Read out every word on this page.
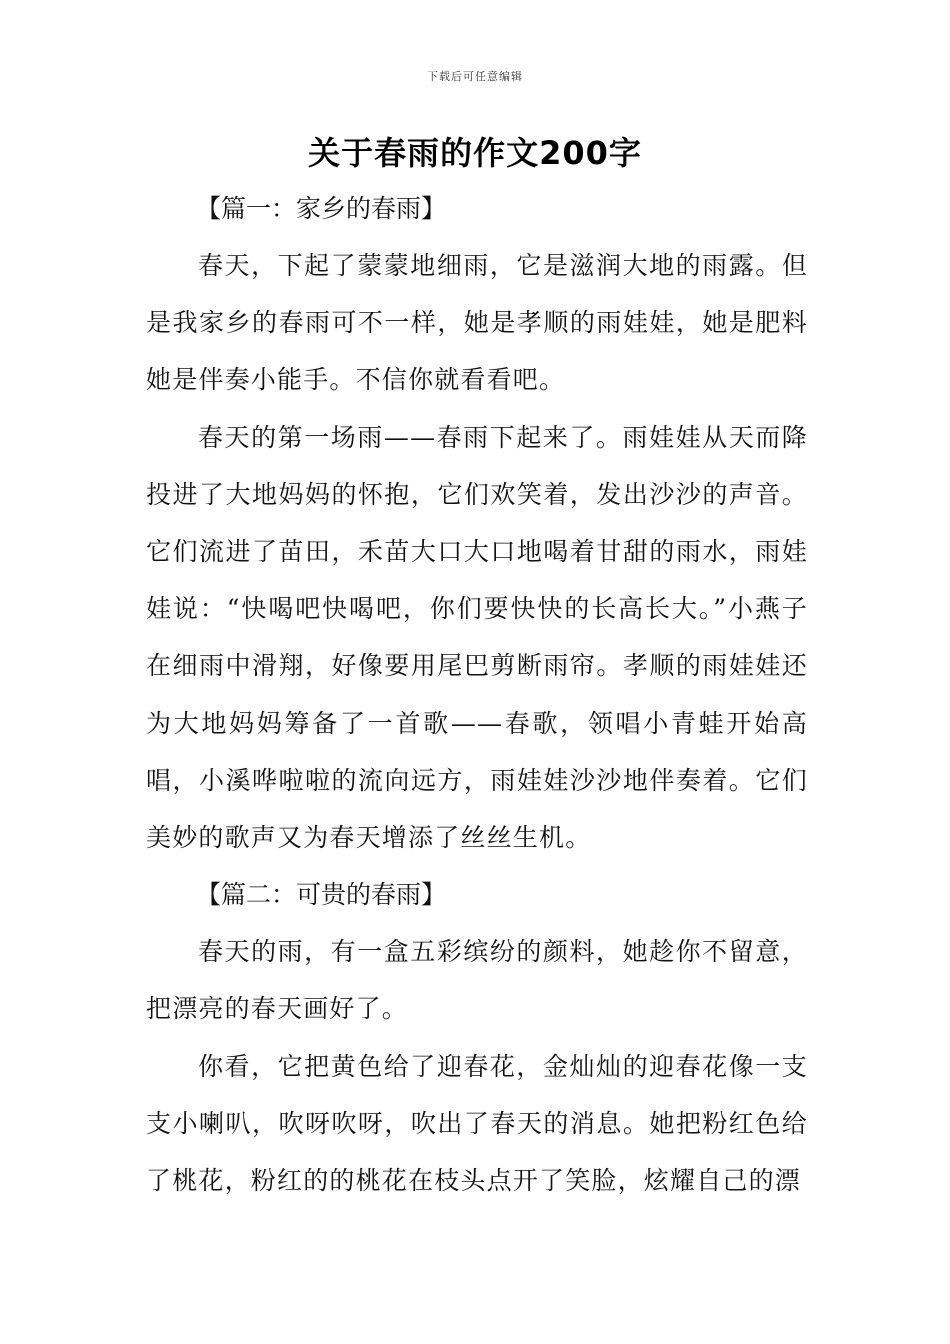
下载后可任意编辑
关于春雨的作文200字

【篇一：家乡的春雨】

春天，下起了蒙蒙地细雨，它是滋润大地的雨露。但是我家乡的春雨可不一样，她是孝顺的雨娃娃，她是肥料她是伴奏小能手。不信你就看看吧。

春天的第一场雨——春雨下起来了。雨娃娃从天而降投进了大地妈妈的怀抱，它们欢笑着，发出沙沙的声音。它们流进了苗田，禾苗大口大口地喝着甘甜的雨水，雨娃娃说：“快喝吧快喝吧，你们要快快的长高长大。”小燕子在细雨中滑翔，好像要用尾巴剪断雨帘。孝顺的雨娃娃还为大地妈妈筹备了一首歌——春歌，领唱小青蛙开始高唱，小溪哗啦啦的流向远方，雨娃娃沙沙地伴奏着。它们美妙的歌声又为春天增添了丝丝生机。

【篇二：可贵的春雨】

春天的雨，有一盒五彩缤纷的颜料，她趁你不留意，把漂亮的春天画好了。

你看，它把黄色给了迎春花，金灿灿的迎春花像一支支小喇叭，吹呀吹呀，吹出了春天的消息。她把粉红色给了桃花，粉红的的桃花在枝头点开了笑脸，炫耀自己的漂
